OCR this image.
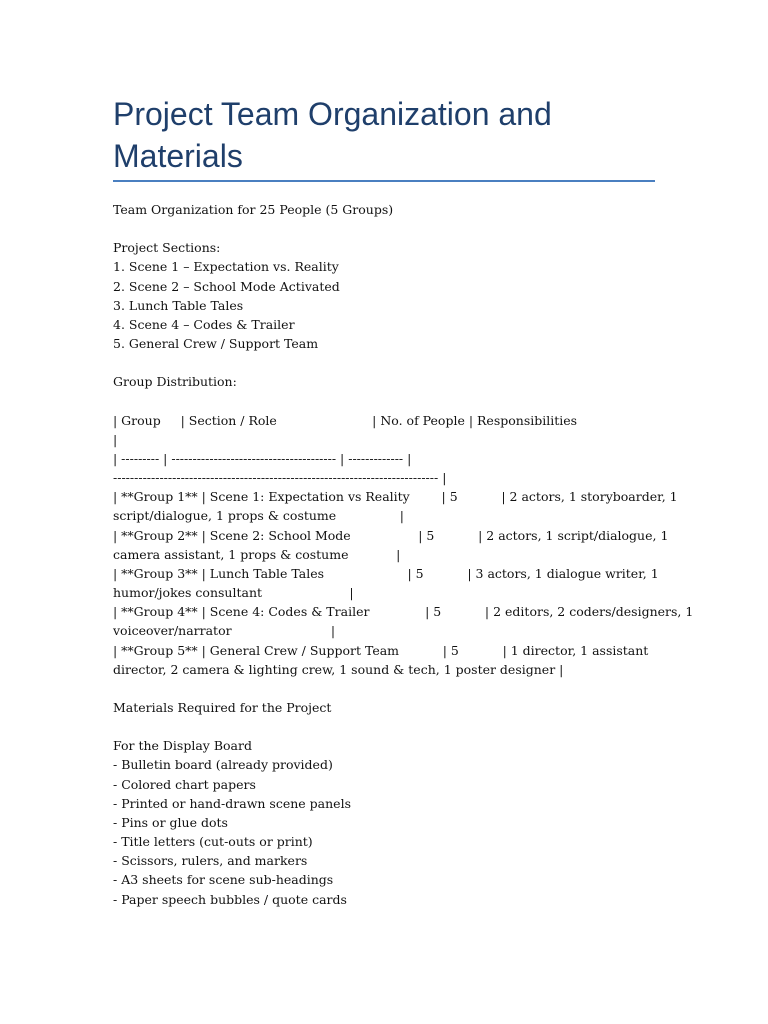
Project Team Organization and Materials

Team Organization for 25 People (5 Groups)

Project Sections:

1. Scene 1 – Expectation vs. Reality

2. Scene 2 – School Mode Activated

3. Lunch Table Tales

4. Scene 4 – Codes & Trailer

5. General Crew / Support Team

Group Distribution:

| Group     | Section / Role                        | No. of People | Responsibilities

|

| --------- | --------------------------------------- | ------------- |

----------------------------------------------------------------------------- |

| **Group 1** | Scene 1: Expectation vs Reality        | 5           | 2 actors, 1 storyboarder, 1

script/dialogue, 1 props & costume                |

| **Group 2** | Scene 2: School Mode                 | 5           | 2 actors, 1 script/dialogue, 1

camera assistant, 1 props & costume            |

| **Group 3** | Lunch Table Tales                     | 5           | 3 actors, 1 dialogue writer, 1

humor/jokes consultant                      |

| **Group 4** | Scene 4: Codes & Trailer              | 5           | 2 editors, 2 coders/designers, 1

voiceover/narrator                         |

| **Group 5** | General Crew / Support Team           | 5           | 1 director, 1 assistant

director, 2 camera & lighting crew, 1 sound & tech, 1 poster designer |

Materials Required for the Project

For the Display Board

- Bulletin board (already provided)

- Colored chart papers

- Printed or hand-drawn scene panels

- Pins or glue dots

- Title letters (cut-outs or print)

- Scissors, rulers, and markers

- A3 sheets for scene sub-headings

- Paper speech bubbles / quote cards
